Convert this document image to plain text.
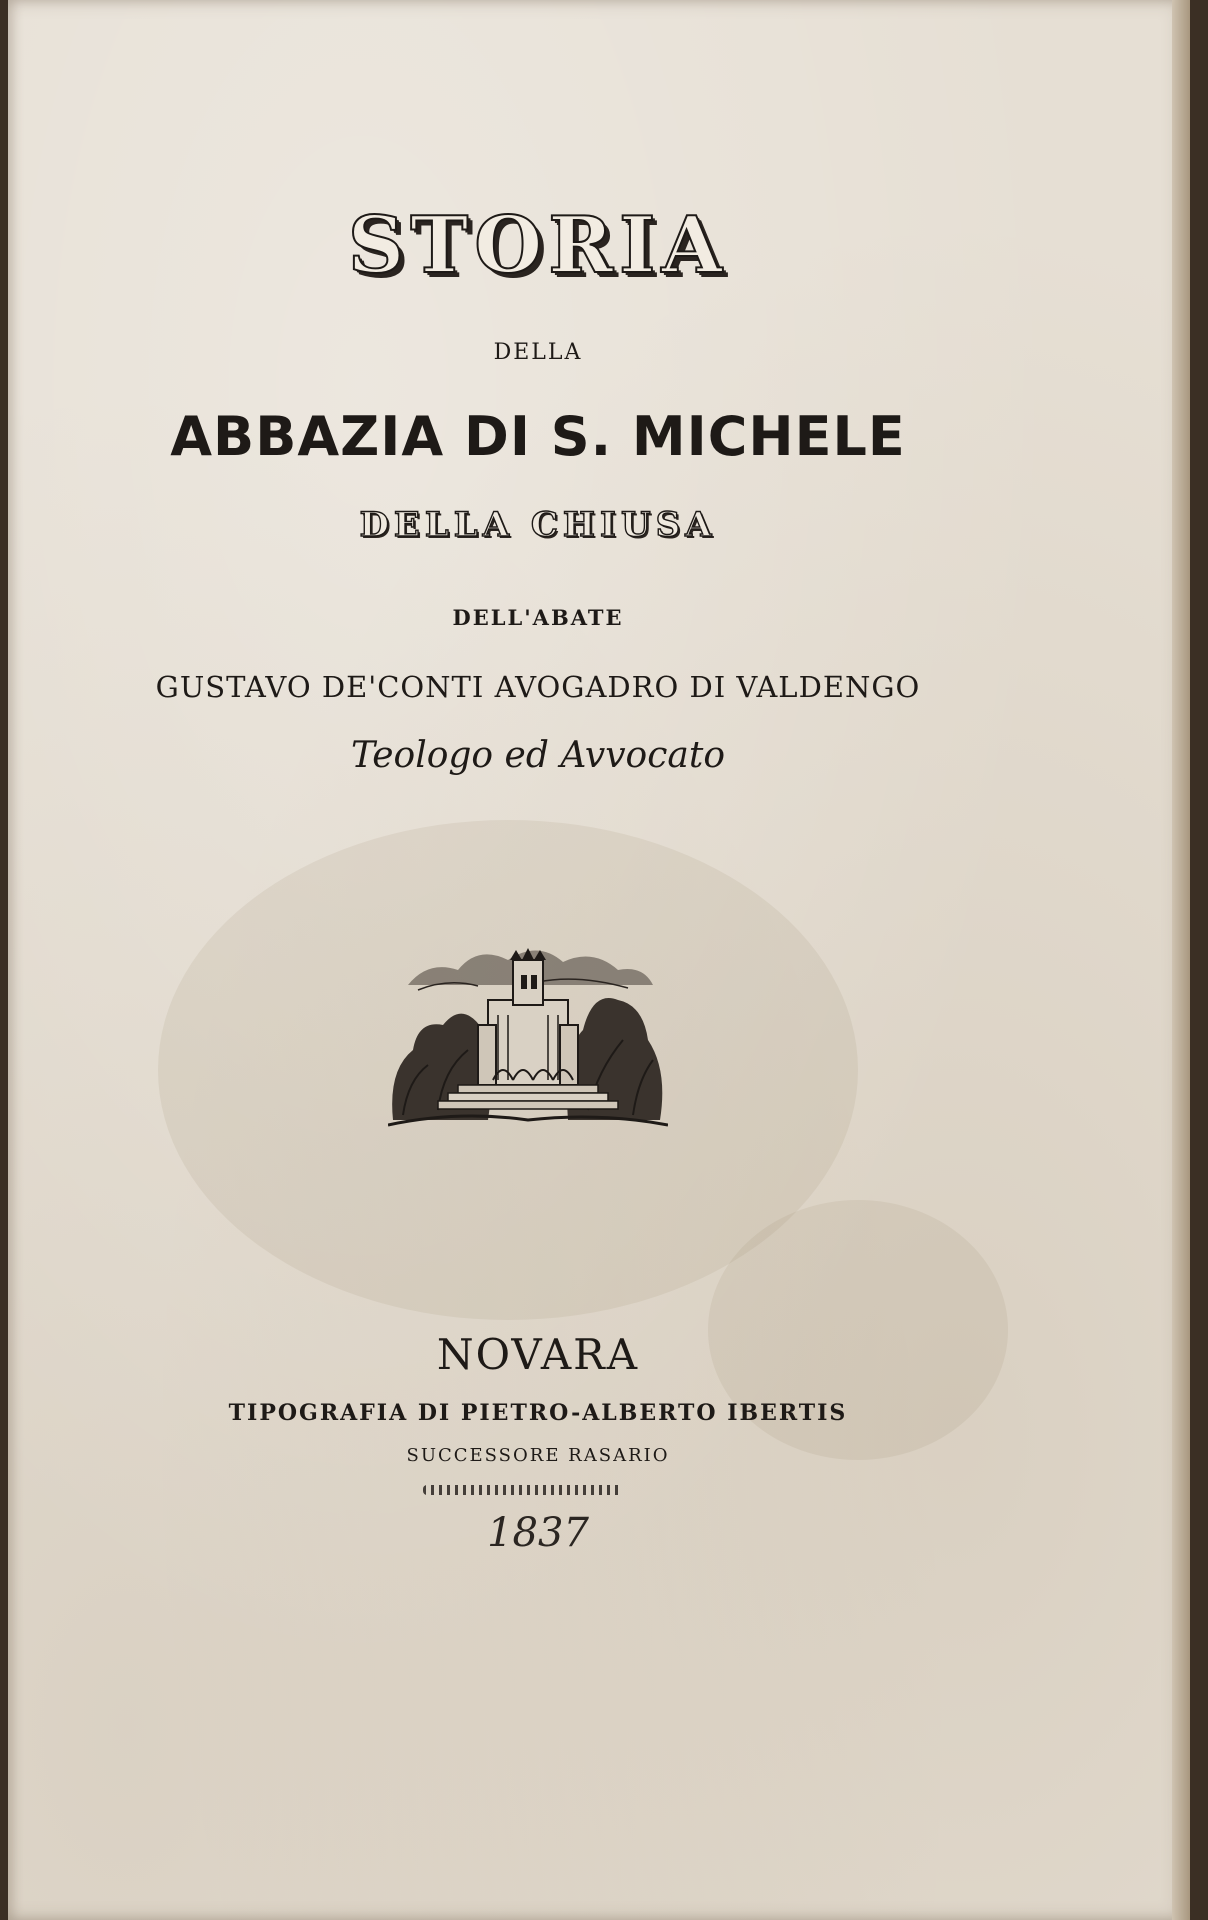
STORIA
DELLA
ABBAZIA DI S. MICHELE
DELLA CHIUSA
DELL'ABATE
GUSTAVO DE'CONTI AVOGADRO DI VALDENGO
Teologo ed Avvocato
NOVARA
TIPOGRAFIA DI PIETRO-ALBERTO IBERTIS
SUCCESSORE RASARIO
1837
